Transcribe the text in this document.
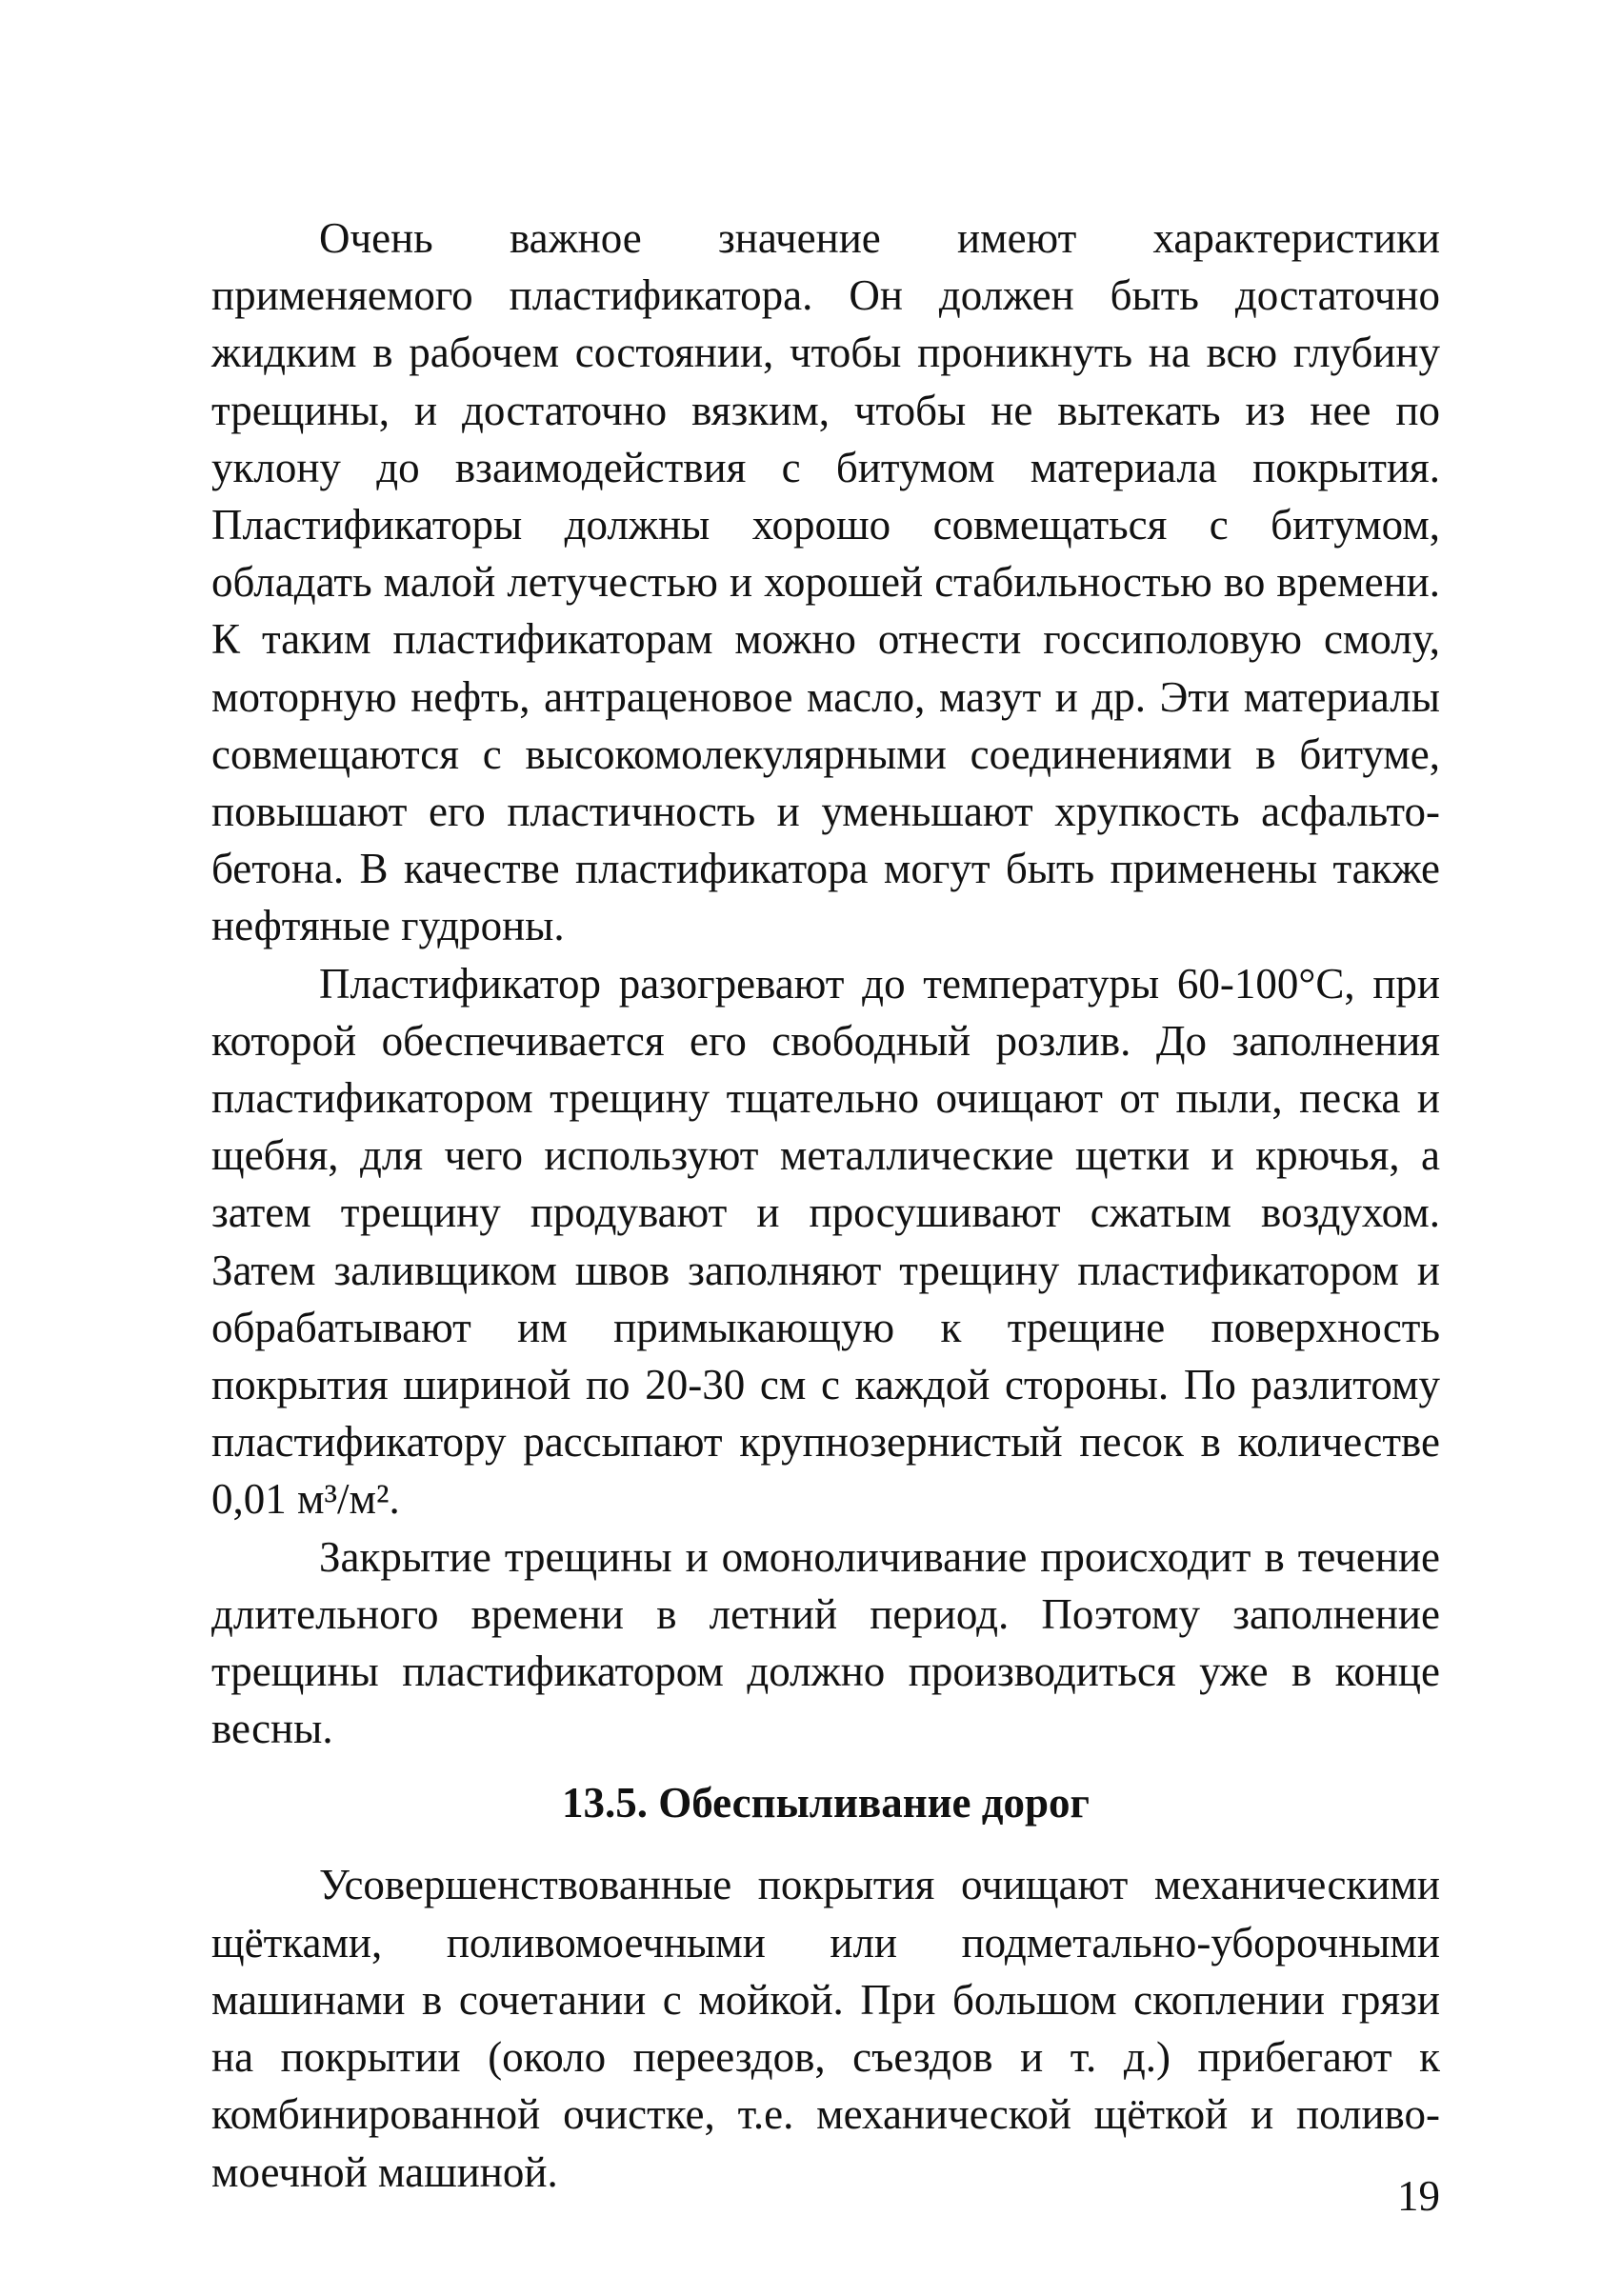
Очень важное значение имеют характеристики применяемого пластификатора. Он должен быть достаточно жидким в рабочем состоянии, чтобы проникнуть на всю глубину трещины, и достаточно вязким, чтобы не вытекать из нее по уклону до взаимодействия с битумом материала покрытия. Пластификаторы должны хорошо совмещаться с битумом, обладать малой летучестью и хорошей стабильностью во времени. К таким пластификаторам можно отнести госсиполовую смолу, моторную нефть, антраценовое масло, мазут и др. Эти материалы совмещаются с высокомолекулярными соединениями в битуме, повышают его пластичность и уменьшают хрупкость асфальтобетона. В качестве пластификатора могут быть применены также нефтяные гудроны.

Пластификатор разогревают до температуры 60-100°С, при которой обеспечивается его свободный розлив. До заполнения пластификатором трещину тщательно очищают от пыли, песка и щебня, для чего используют металлические щетки и крючья, а затем трещину продувают и просушивают сжатым воздухом. Затем заливщиком швов заполняют трещину пластификатором и обрабатывают им примыкающую к трещине поверхность покрытия шириной по 20-30 см с каждой стороны. По разлитому пластификатору рассыпают крупнозернистый песок в количестве 0,01 м³/м².

Закрытие трещины и омоноличивание происходит в течение длительного времени в летний период. Поэтому заполнение трещины пластификатором должно производиться уже в конце весны.

13.5. Обеспыливание дорог

Усовершенствованные покрытия очищают механическими щётками, поливомоечными или подметально-уборочными машинами в сочетании с мойкой. При большом скоплении грязи на покрытии (около переездов, съездов и т. д.) прибегают к комбинированной очистке, т.е. механической щёткой и поливомоечной машиной.

19
